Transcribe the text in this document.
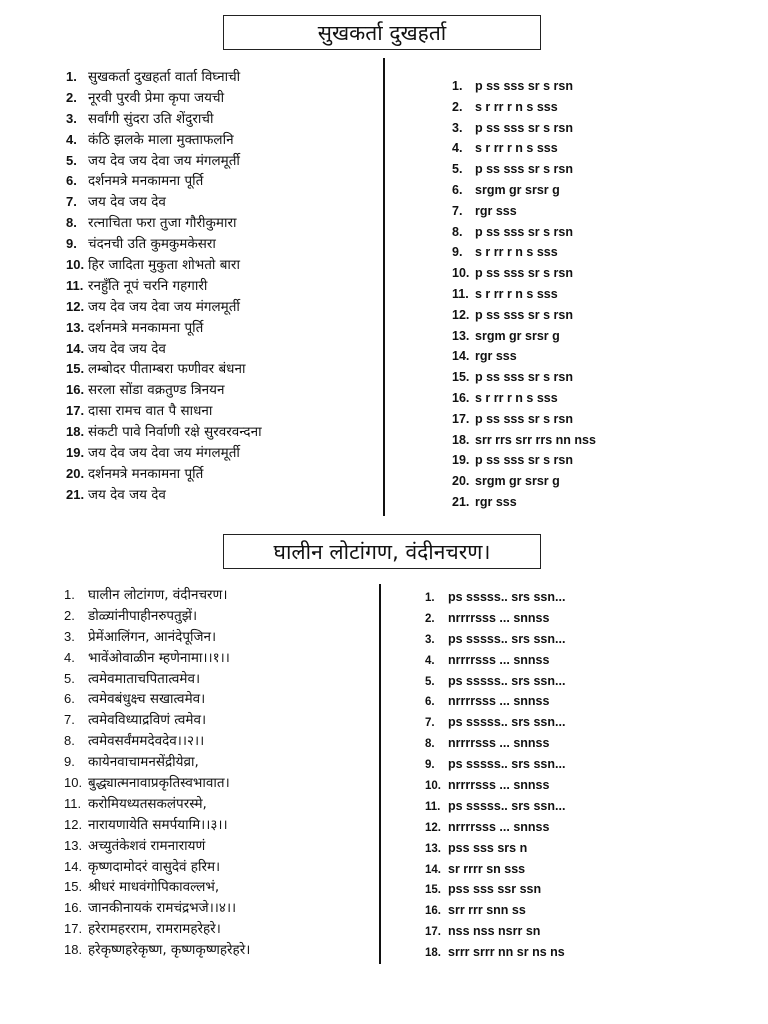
सुखकर्ता दुखहर्ता
1. सुखकर्ता दुखहर्ता वार्ता विघ्नाची
2. नूरवी पुरवी प्रेमा कृपा जयची
3. सर्वांगी सुंदरा उति शेंदुराची
4. कंठि झलके माला मुक्ताफलनि
5. जय देव जय देवा जय मंगलमूर्ती
6. दर्शनमत्रे मनकामना पूर्ति
7. जय देव जय देव
8. रत्नाचिता फरा तुजा गौरीकुमारा
9. चंदनची उति कुमकुमकेसरा
10. हिर जादिता मुकुता शोभतो बारा
11. रनहुँति नूपं चरनि गहगारी
12. जय देव जय देवा जय मंगलमूर्ती
13. दर्शनमत्रे मनकामना पूर्ति
14. जय देव जय देव
15. लम्बोदर पीताम्बरा फणीवर बंधना
16. सरला सोंडा वक्रतुण्ड त्रिनयन
17. दासा रामच वात पै साधना
18. संकटी पावे निर्वाणी रक्षे सुरवरवन्दना
19. जय देव जय देवा जय मंगलमूर्ती
20. दर्शनमत्रे मनकामना पूर्ति
21. जय देव जय देव
1.	p ss sss sr s rsn
2.	s r rr r n s sss
3.	p ss sss sr s rsn
4.	s r rr r n s sss
5.	p ss sss sr s rsn
6.	srgm gr srsr g
7.	rgr sss
8.	p ss sss sr s rsn
9.	s r rr r n s sss
10. p ss sss sr s rsn
11. s r rr r n s sss
12. p ss sss sr s rsn
13. srgm gr srsr g
14. rgr sss
15. p ss sss sr s rsn
16. s r rr r n s sss
17. p ss sss sr s rsn
18. srr rrs srr rrs nn nss
19. p ss sss sr s rsn
20. srgm gr srsr g
21. rgr sss
घालीन लोटांगण, वंदीनचरण।
1. घालीन लोटांगण, वंदीनचरण।
2. डोळ्यांनीपाहीनरुपतुझें।
3. प्रेमेंआलिंगन, आनंदेपूजिन।
4. भावेंओवाळीन म्हणेनामा।।१।।
5. त्वमेवमाताचपितात्वमेव।
6. त्वमेवबंधुक्ष्च सखात्वमेव।
7. त्वमेवविध्याद्रविणं त्वमेव।
8. त्वमेवसर्वंममदेवदेव।।२।।
9. कायेनवाचामनसेंद्रीयेव्रा,
10. बुद्ध्यात्मनावाप्रकृतिस्वभावात।
11. करोमियध्यतसकलंपरस्मे,
12. नारायणायेति समर्पयामि।।३।।
13. अच्युतंकेशवं रामनारायणं
14. कृष्णदामोदरं वासुदेवं हरिम।
15. श्रीधरं माधवंगोपिकावल्लभं,
16. जानकीनायकं रामचंद्रभजे।।४।।
17. हरेरामहरराम, रामरामहरेहरे।
18. हरेकृष्णहरेकृष्ण, कृष्णकृष्णहरेहरे।
1.	ps sssss.. srs ssn...
2.	nrrrrsss ... snnss
3.	ps sssss.. srs ssn...
4.	nrrrrsss ... snnss
5.	ps sssss.. srs ssn...
6.	nrrrrsss ... snnss
7.	ps sssss.. srs ssn...
8.	nrrrrsss ... snnss
9.	ps sssss.. srs ssn...
10. nrrrrsss ... snnss
11. ps sssss.. srs ssn...
12. nrrrrsss ... snnss
13. pss sss srs n
14. sr rrrr sn sss
15. pss sss ssr ssn
16. srr rrr snn ss
17. nss nss nsrr sn
18. srrr srrr nn sr ns ns
